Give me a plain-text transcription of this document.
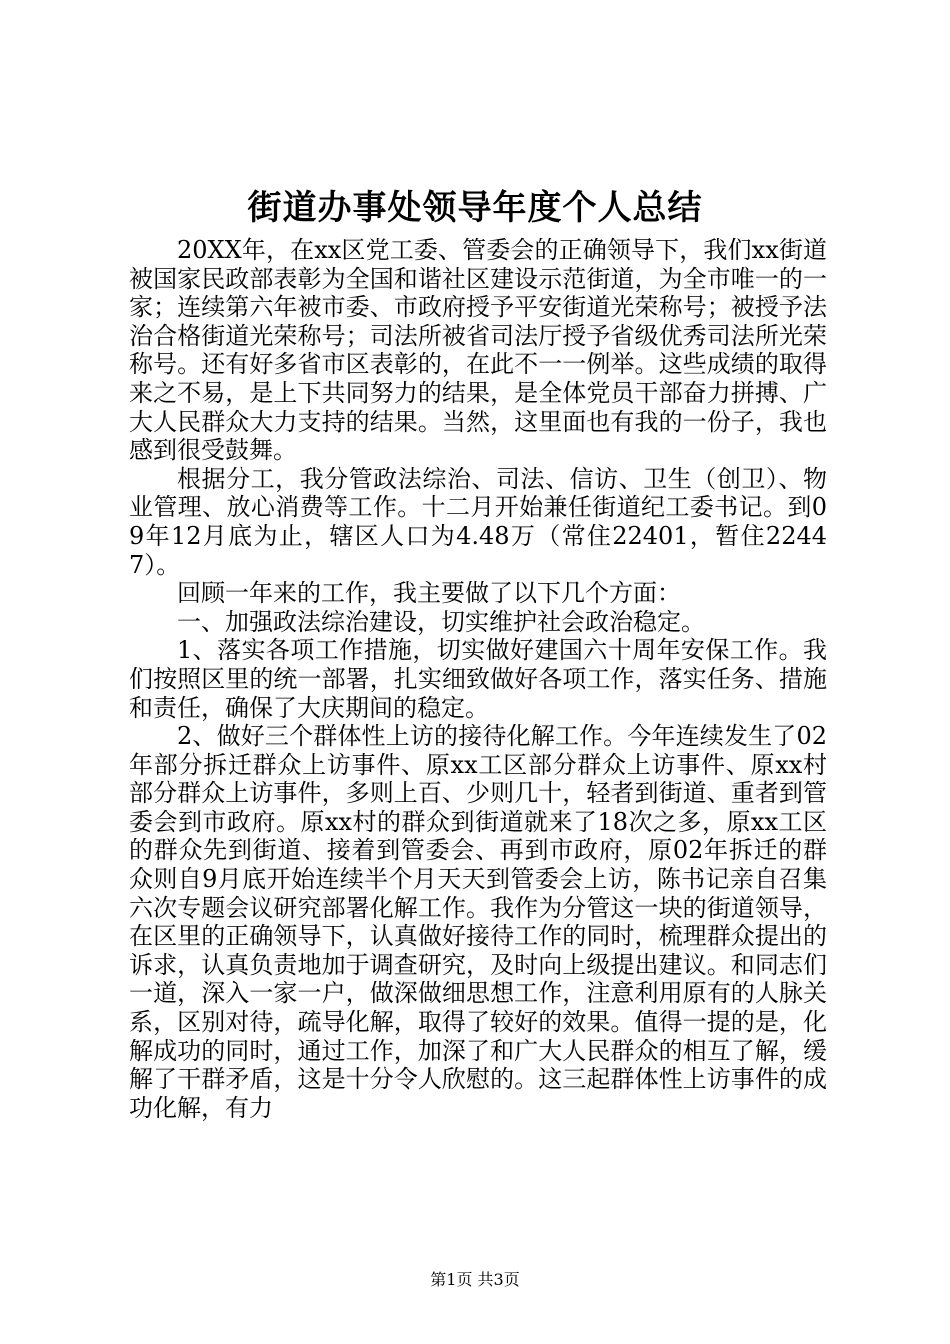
街道办事处领导年度个人总结

20XX年，在xx区党工委、管委会的正确领导下，我们xx街道被国家民政部表彰为全国和谐社区建设示范街道，为全市唯一的一家；连续第六年被市委、市政府授予平安街道光荣称号；被授予法治合格街道光荣称号；司法所被省司法厅授予省级优秀司法所光荣称号。还有好多省市区表彰的，在此不一一例举。这些成绩的取得来之不易，是上下共同努力的结果，是全体党员干部奋力拼搏、广大人民群众大力支持的结果。当然，这里面也有我的一份子，我也感到很受鼓舞。

根据分工，我分管政法综治、司法、信访、卫生（创卫）、物业管理、放心消费等工作。十二月开始兼任街道纪工委书记。到09年12月底为止，辖区人口为4.48万（常住22401，暂住22447）。

回顾一年来的工作，我主要做了以下几个方面：

一、加强政法综治建设，切实维护社会政治稳定。

1、落实各项工作措施，切实做好建国六十周年安保工作。我们按照区里的统一部署，扎实细致做好各项工作，落实任务、措施和责任，确保了大庆期间的稳定。

2、做好三个群体性上访的接待化解工作。今年连续发生了02年部分拆迁群众上访事件、原xx工区部分群众上访事件、原xx村部分群众上访事件，多则上百、少则几十，轻者到街道、重者到管委会到市政府。原xx村的群众到街道就来了18次之多，原xx工区的群众先到街道、接着到管委会、再到市政府，原02年拆迁的群众则自9月底开始连续半个月天天到管委会上访，陈书记亲自召集六次专题会议研究部署化解工作。我作为分管这一块的街道领导，在区里的正确领导下，认真做好接待工作的同时，梳理群众提出的诉求，认真负责地加于调查研究，及时向上级提出建议。和同志们一道，深入一家一户，做深做细思想工作，注意利用原有的人脉关系，区别对待，疏导化解，取得了较好的效果。值得一提的是，化解成功的同时，通过工作，加深了和广大人民群众的相互了解，缓解了干群矛盾，这是十分令人欣慰的。这三起群体性上访事件的成功化解，有力

第1页 共3页
